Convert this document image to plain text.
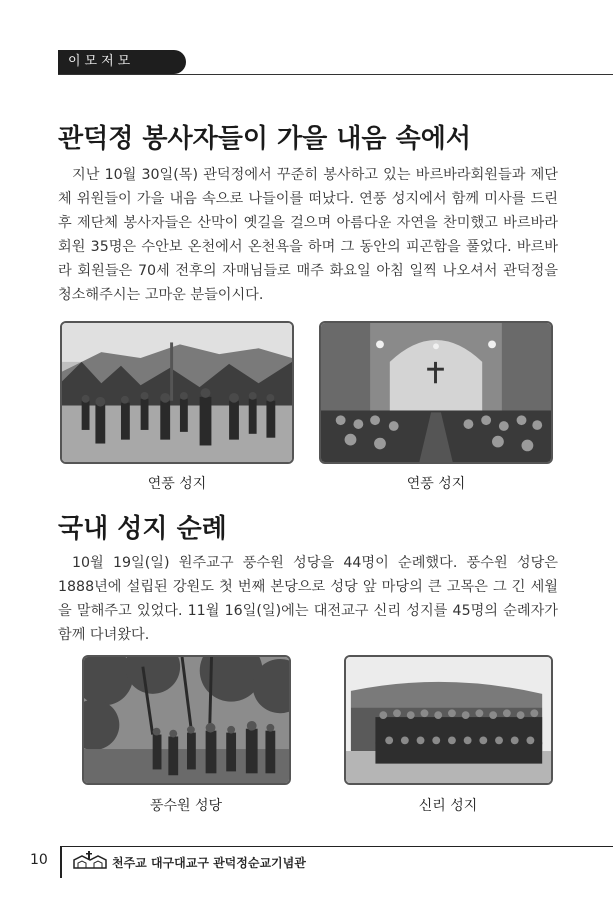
이모저모
관덕정 봉사자들이 가을 내음 속에서

지난 10월 30일(목) 관덕정에서 꾸준히 봉사하고 있는 바르바라회원들과 제단체 위원들이 가을 내음 속으로 나들이를 떠났다. 연풍 성지에서 함께 미사를 드린 후 제단체 봉사자들은 산막이 옛길을 걸으며 아름다운 자연을 찬미했고 바르바라 회원 35명은 수안보 온천에서 온천욕을 하며 그 동안의 피곤함을 풀었다. 바르바라 회원들은 70세 전후의 자매님들로 매주 화요일 아침 일찍 나오셔서 관덕정을 청소해주시는 고마운 분들이시다.

연풍 성지	연풍 성지
국내 성지 순례

10월 19일(일) 원주교구 풍수원 성당을 44명이 순례했다. 풍수원 성당은 1888년에 설립된 강원도 첫 번째 본당으로 성당 앞 마당의 큰 고목은 그 긴 세월을 말해주고 있었다. 11월 16일(일)에는 대전교구 신리 성지를 45명의 순례자가 함께 다녀왔다.

풍수원 성당	신리 성지
10	천주교 대구대교구 관덕정순교기념관
